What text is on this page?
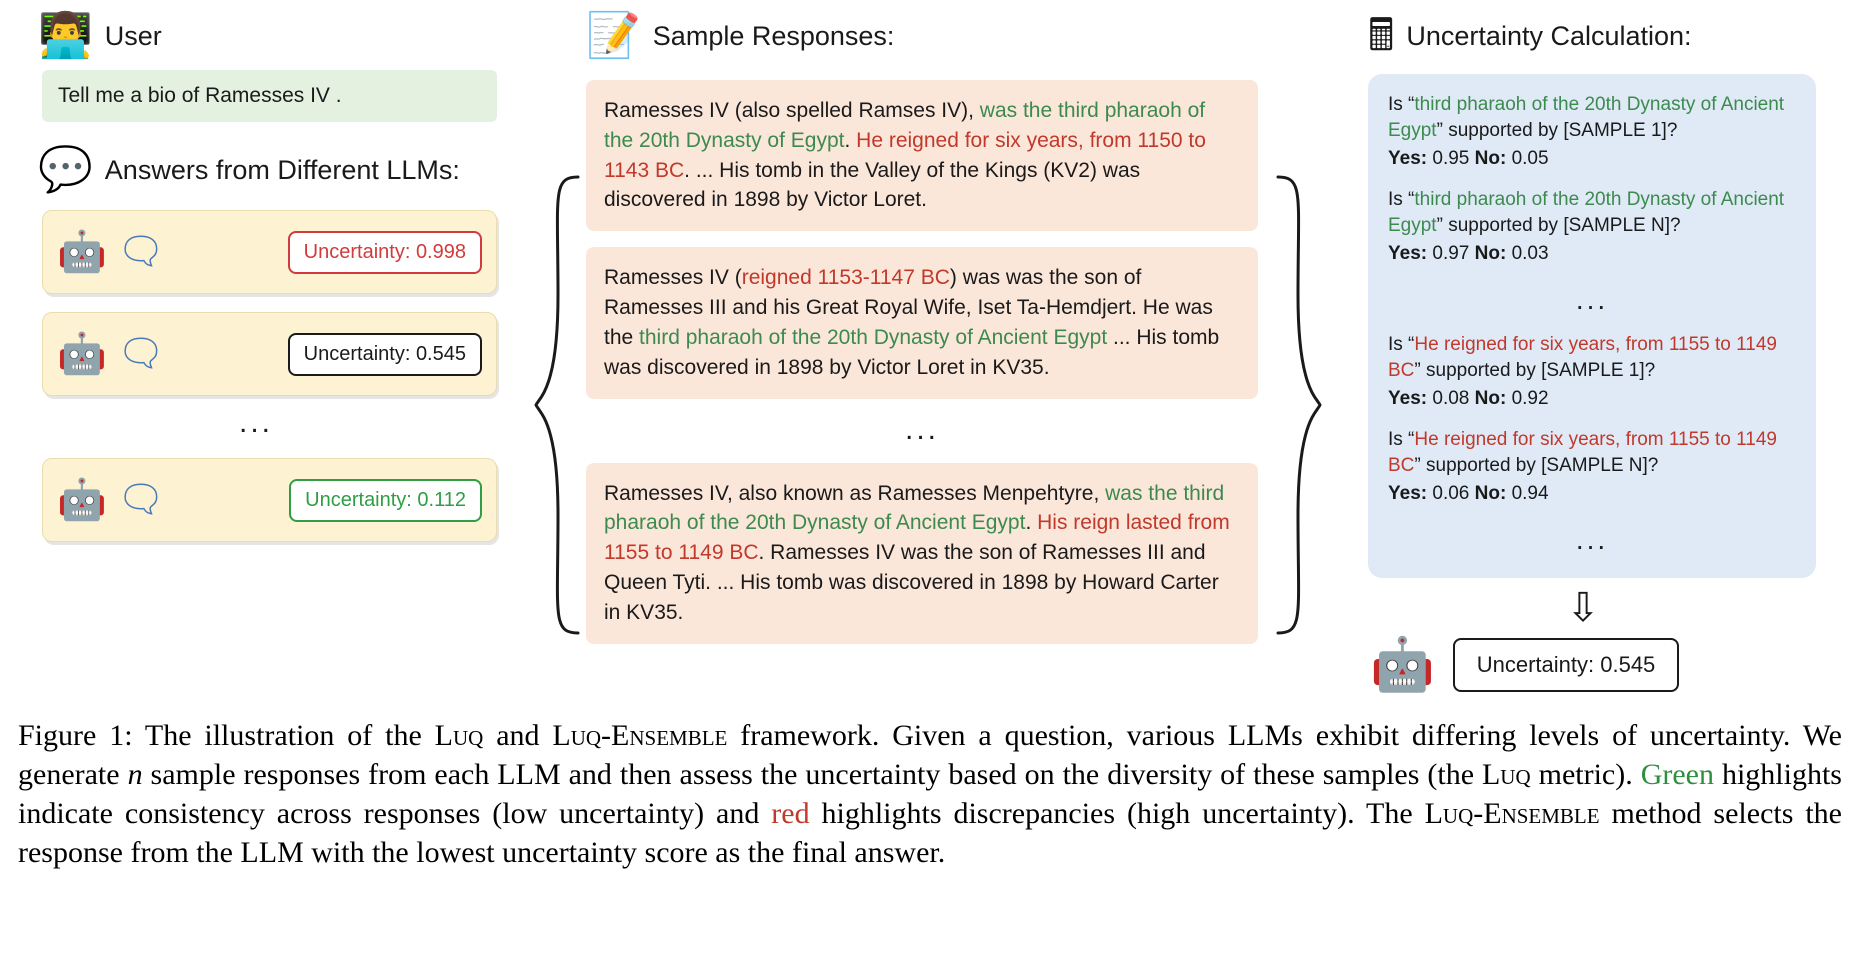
👨‍💻 User
Tell me a bio of Ramesses IV .
💬 Answers from Different LLMs:
🤖 🗨	Uncertainty: 0.998
🤖 🗨	Uncertainty: 0.545
...
🤖 🗨	Uncertainty: 0.112
📝 Sample Responses:
Ramesses IV (also spelled Ramses IV), was the third pharaoh of the 20th Dynasty of Egypt. He reigned for six years, from 1150 to 1143 BC. ... His tomb in the Valley of the Kings (KV2) was discovered in 1898 by Victor Loret.
Ramesses IV (reigned 1153-1147 BC) was was the son of Ramesses III and his Great Royal Wife, Iset Ta-Hemdjert. He was the third pharaoh of the 20th Dynasty of Ancient Egypt ... His tomb was discovered in 1898 by Victor Loret in KV35.
...
Ramesses IV, also known as Ramesses Menpehtyre, was the third pharaoh of the 20th Dynasty of Ancient Egypt. His reign lasted from 1155 to 1149 BC. Ramesses IV was the son of Ramesses III and Queen Tyti. ... His tomb was discovered in 1898 by Howard Carter in KV35.
🖩 Uncertainty Calculation:
Is “third pharaoh of the 20th Dynasty of Ancient Egypt” supported by [SAMPLE 1]?
Yes: 0.95 No: 0.05
Is “third pharaoh of the 20th Dynasty of Ancient Egypt” supported by [SAMPLE N]?
Yes: 0.97 No: 0.03
...
Is “He reigned for six years, from 1155 to 1149 BC” supported by [SAMPLE 1]?
Yes: 0.08 No: 0.92
Is “He reigned for six years, from 1155 to 1149 BC” supported by [SAMPLE N]?
Yes: 0.06 No: 0.94
...
⇩
🤖	Uncertainty: 0.545
Figure 1: The illustration of the Luq and Luq-Ensemble framework. Given a question, various LLMs exhibit differing levels of uncertainty. We generate n sample responses from each LLM and then assess the uncertainty based on the diversity of these samples (the Luq metric). Green highlights indicate consistency across responses (low uncertainty) and red highlights discrepancies (high uncertainty). The Luq-Ensemble method selects the response from the LLM with the lowest uncertainty score as the final answer.
